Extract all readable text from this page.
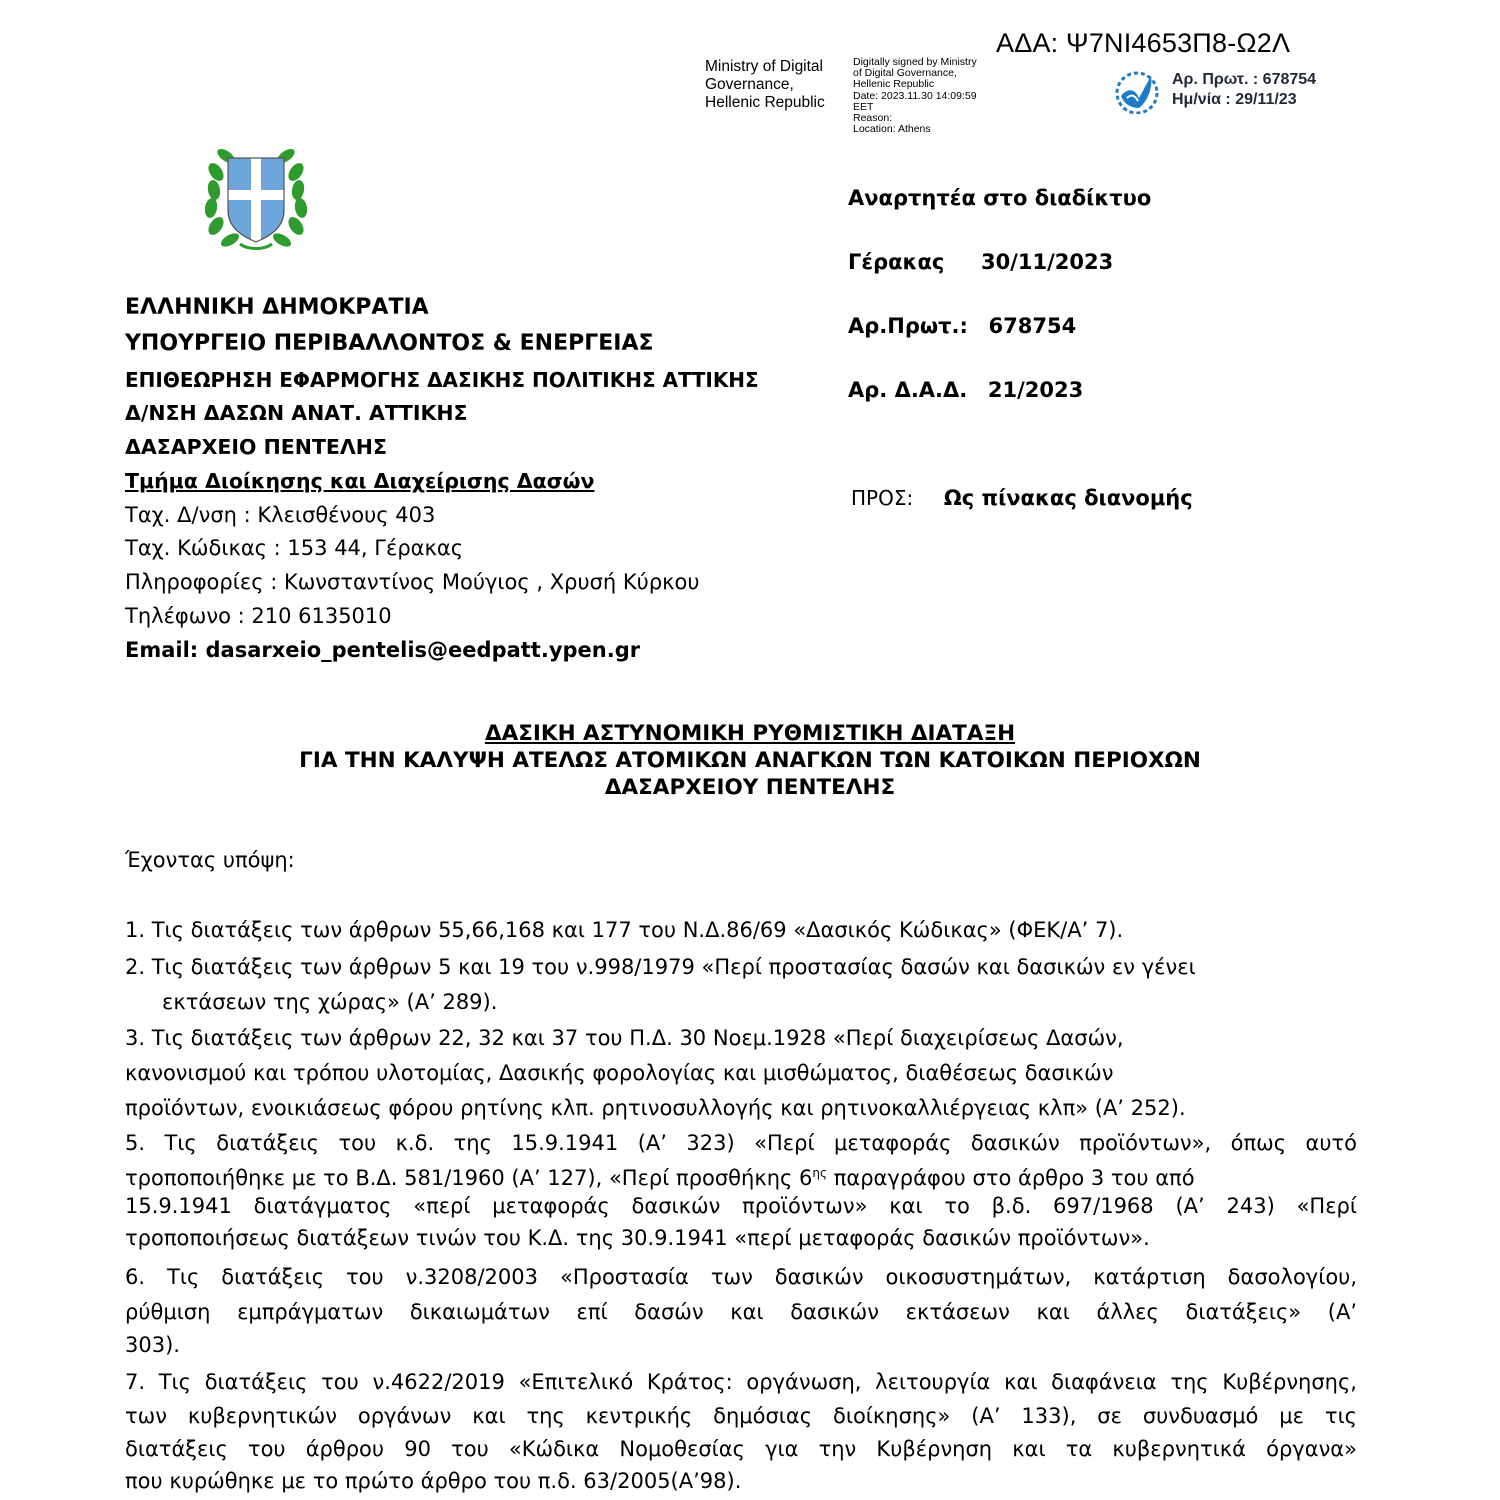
ΑΔΑ: Ψ7ΝΙ4653Π8-Ω2Λ
Ministry of Digital
Governance,
Hellenic Republic
Digitally signed by Ministry
of Digital Governance,
Hellenic Republic
Date: 2023.11.30 14:09:59
EET
Reason:
Location: Athens
Αρ. Πρωτ. : 678754
Ημ/νία : 29/11/23
Αναρτητέα στο διαδίκτυο
Γέρακας 30/11/2023
Αρ.Πρωτ.: 678754
Αρ. Δ.Α.Δ. 21/2023
ΠΡΟΣ: Ως πίνακας διανομής
ΕΛΛΗΝΙΚΗ ΔΗΜΟΚΡΑΤΙΑ
ΥΠΟΥΡΓΕΙΟ ΠΕΡΙΒΑΛΛΟΝΤΟΣ & ΕΝΕΡΓΕΙΑΣ
ΕΠΙΘΕΩΡΗΣΗ ΕΦΑΡΜΟΓΗΣ ΔΑΣΙΚΗΣ ΠΟΛΙΤΙΚΗΣ ΑΤΤΙΚΗΣ
Δ/ΝΣΗ ΔΑΣΩΝ ΑΝΑΤ. ΑΤΤΙΚΗΣ
ΔΑΣΑΡΧΕΙΟ ΠΕΝΤΕΛΗΣ
Τμήμα Διοίκησης και Διαχείρισης Δασών
Ταχ. Δ/νση : Κλεισθένους 403
Ταχ. Κώδικας : 153 44, Γέρακας
Πληροφορίες : Κωνσταντίνος Μούγιος , Χρυσή Κύρκου
Τηλέφωνο : 210 6135010
Email: dasarxeio_pentelis@eedpatt.ypen.gr
ΔΑΣΙΚΗ ΑΣΤΥΝΟΜΙΚΗ ΡΥΘΜΙΣΤΙΚΗ ΔΙΑΤΑΞΗ
ΓΙΑ ΤΗΝ ΚΑΛΥΨΗ ΑΤΕΛΩΣ ΑΤΟΜΙΚΩΝ ΑΝΑΓΚΩΝ ΤΩΝ ΚΑΤΟΙΚΩΝ ΠΕΡΙΟΧΩΝ
ΔΑΣΑΡΧΕΙΟΥ ΠΕΝΤΕΛΗΣ
Έχοντας υπόψη:
1. Τις διατάξεις των άρθρων 55,66,168 και 177 του Ν.Δ.86/69 «Δασικός Κώδικας» (ΦΕΚ/Α’ 7).
2. Τις διατάξεις των άρθρων 5 και 19 του ν.998/1979 «Περί προστασίας δασών και δασικών εν γένει
εκτάσεων της χώρας» (Α’ 289).
3. Τις διατάξεις των άρθρων 22, 32 και 37 του Π.Δ. 30 Νοεμ.1928 «Περί διαχειρίσεως Δασών,
κανονισμού και τρόπου υλοτομίας, Δασικής φορολογίας και μισθώματος, διαθέσεως δασικών
προϊόντων, ενοικιάσεως φόρου ρητίνης κλπ. ρητινοσυλλογής και ρητινοκαλλιέργειας κλπ» (Α’ 252).
5. Τις διατάξεις του κ.δ. της 15.9.1941 (Α’ 323) «Περί μεταφοράς δασικών προϊόντων», όπως αυτό
τροποποιήθηκε με το Β.Δ. 581/1960 (Α’ 127), «Περί προσθήκης $6^{\eta\varsigma}$ παραγράφου στο άρθρο 3 του από
15.9.1941 διατάγματος «περί μεταφοράς δασικών προϊόντων» και το β.δ. 697/1968 (Α’ 243) «Περί
τροποποιήσεως διατάξεων τινών του Κ.Δ. της 30.9.1941 «περί μεταφοράς δασικών προϊόντων».
6. Τις διατάξεις του ν.3208/2003 «Προστασία των δασικών οικοσυστημάτων, κατάρτιση δασολογίου,
ρύθμιση εμπράγματων δικαιωμάτων επί δασών και δασικών εκτάσεων και άλλες διατάξεις» (Α’
303).
7. Τις διατάξεις του ν.4622/2019 «Επιτελικό Κράτος: οργάνωση, λειτουργία και διαφάνεια της Κυβέρνησης,
των κυβερνητικών οργάνων και της κεντρικής δημόσιας διοίκησης» (Α’ 133), σε συνδυασμό με τις
διατάξεις του άρθρου 90 του «Κώδικα Νομοθεσίας για την Κυβέρνηση και τα κυβερνητικά όργανα»
που κυρώθηκε με το πρώτο άρθρο του π.δ. 63/2005(Α’98).
